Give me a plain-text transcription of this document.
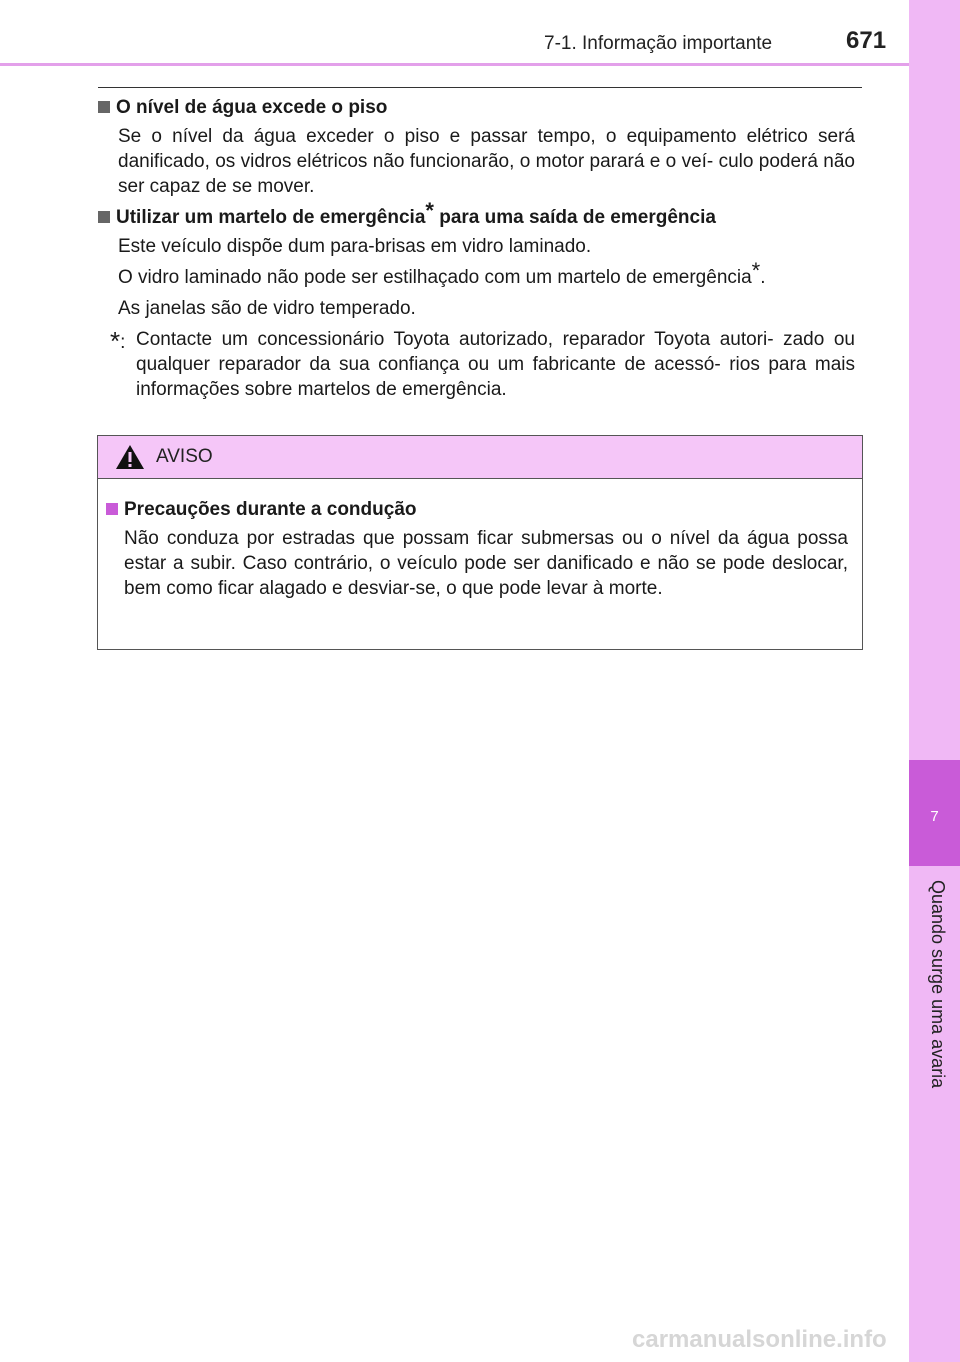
7
Quando surge uma avaria
7-1. Informação importante	671
O nível de água excede o piso

Se o nível da água exceder o piso e passar tempo, o equipamento elétrico será danificado, os vidros elétricos não funcionarão, o motor parará e o veí- culo poderá não ser capaz de se mover.

Utilizar um martelo de emergência* para uma saída de emergência

Este veículo dispõe dum para-brisas em vidro laminado.

O vidro laminado não pode ser estilhaçado com um martelo de emergência*.

As janelas são de vidro temperado.

*: Contacte um concessionário Toyota autorizado, reparador Toyota autori- zado ou qualquer reparador da sua confiança ou um fabricante de acessó- rios para mais informações sobre martelos de emergência.
AVISO
Precauções durante a condução

Não conduza por estradas que possam ficar submersas ou o nível da água possa estar a subir. Caso contrário, o veículo pode ser danificado e não se pode deslocar, bem como ficar alagado e desviar-se, o que pode levar à morte.

carmanualsonline.info
